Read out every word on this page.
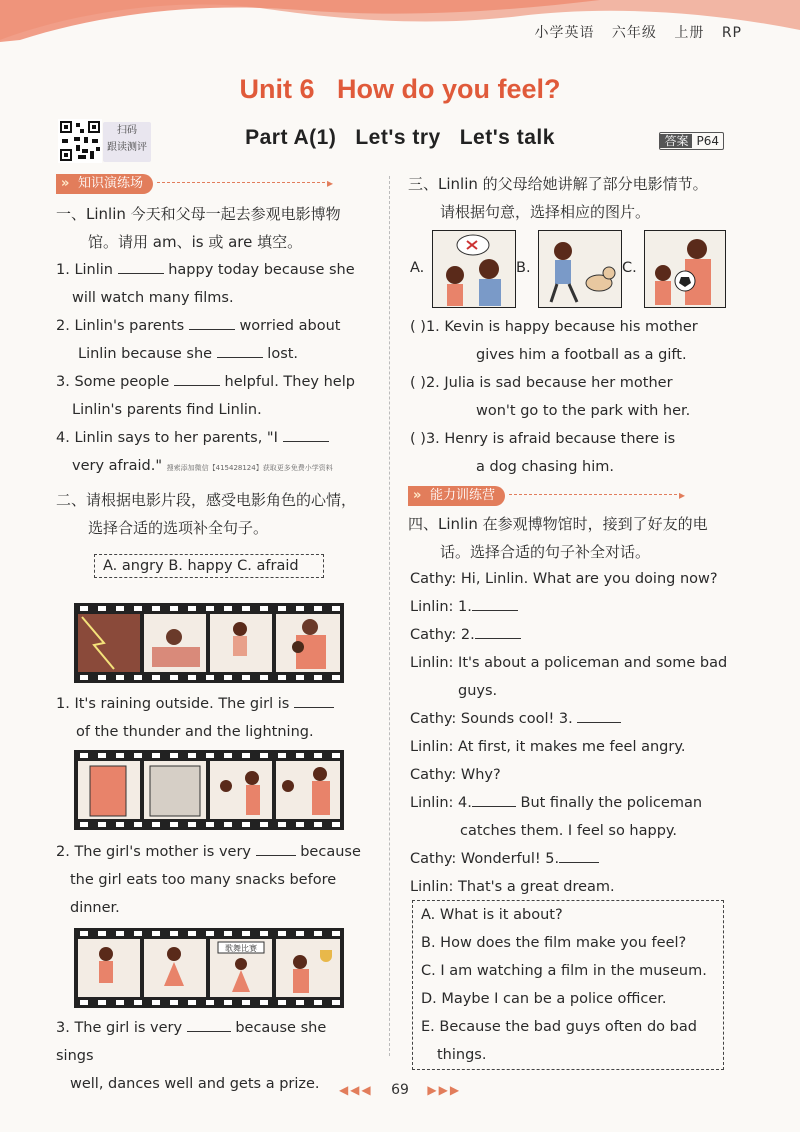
小学英语 六年级 上册 RP
Unit 6   How do you feel?
扫码
跟读测评	Part A(1)   Let's try   Let's talk	答案 P64
» 知识演练场	▸
一、Linlin 今天和父母一起去参观电影博物
馆。请用 am、is 或 are 填空。
1. Linlin	happy today because she
will watch many films.
2. Linlin's parents	worried about
Linlin because she	lost.
3. Some people	helpful. They help
Linlin's parents find Linlin.
4. Linlin says to her parents, "I
very afraid." 搜索添加微信【415428124】获取更多免费小学资料
二、请根据电影片段，感受电影角色的心情，
选择合适的选项补全句子。
A. angry B. happy C. afraid
1. It's raining outside. The girl is
of the thunder and the lightning.
2. The girl's mother is very	because
the girl eats too many snacks before
dinner.
歌舞比赛
3. The girl is very	because she sings
well, dances well and gets a prize.
三、Linlin 的父母给她讲解了部分电影情节。
请根据句意，选择相应的图片。
A.	B.	C.
( )1. Kevin is happy because his mother
gives him a football as a gift.
( )2. Julia is sad because her mother
won't go to the park with her.
( )3. Henry is afraid because there is
a dog chasing him.
» 能力训练营	▸
四、Linlin 在参观博物馆时，接到了好友的电
话。选择合适的句子补全对话。
Cathy: Hi, Linlin. What are you doing now?
Linlin: 1.
Cathy: 2.
Linlin: It's about a policeman and some bad
guys.
Cathy: Sounds cool! 3.
Linlin: At first, it makes me feel angry.
Cathy: Why?
Linlin: 4.	But finally the policeman
catches them. I feel so happy.
Cathy: Wonderful! 5.
Linlin: That's a great dream.
A. What is it about?
B. How does the film make you feel?
C. I am watching a film in the museum.
D. Maybe I can be a police officer.
E. Because the bad guys often do bad
things.
◀◀◀ 69 ▶▶▶
